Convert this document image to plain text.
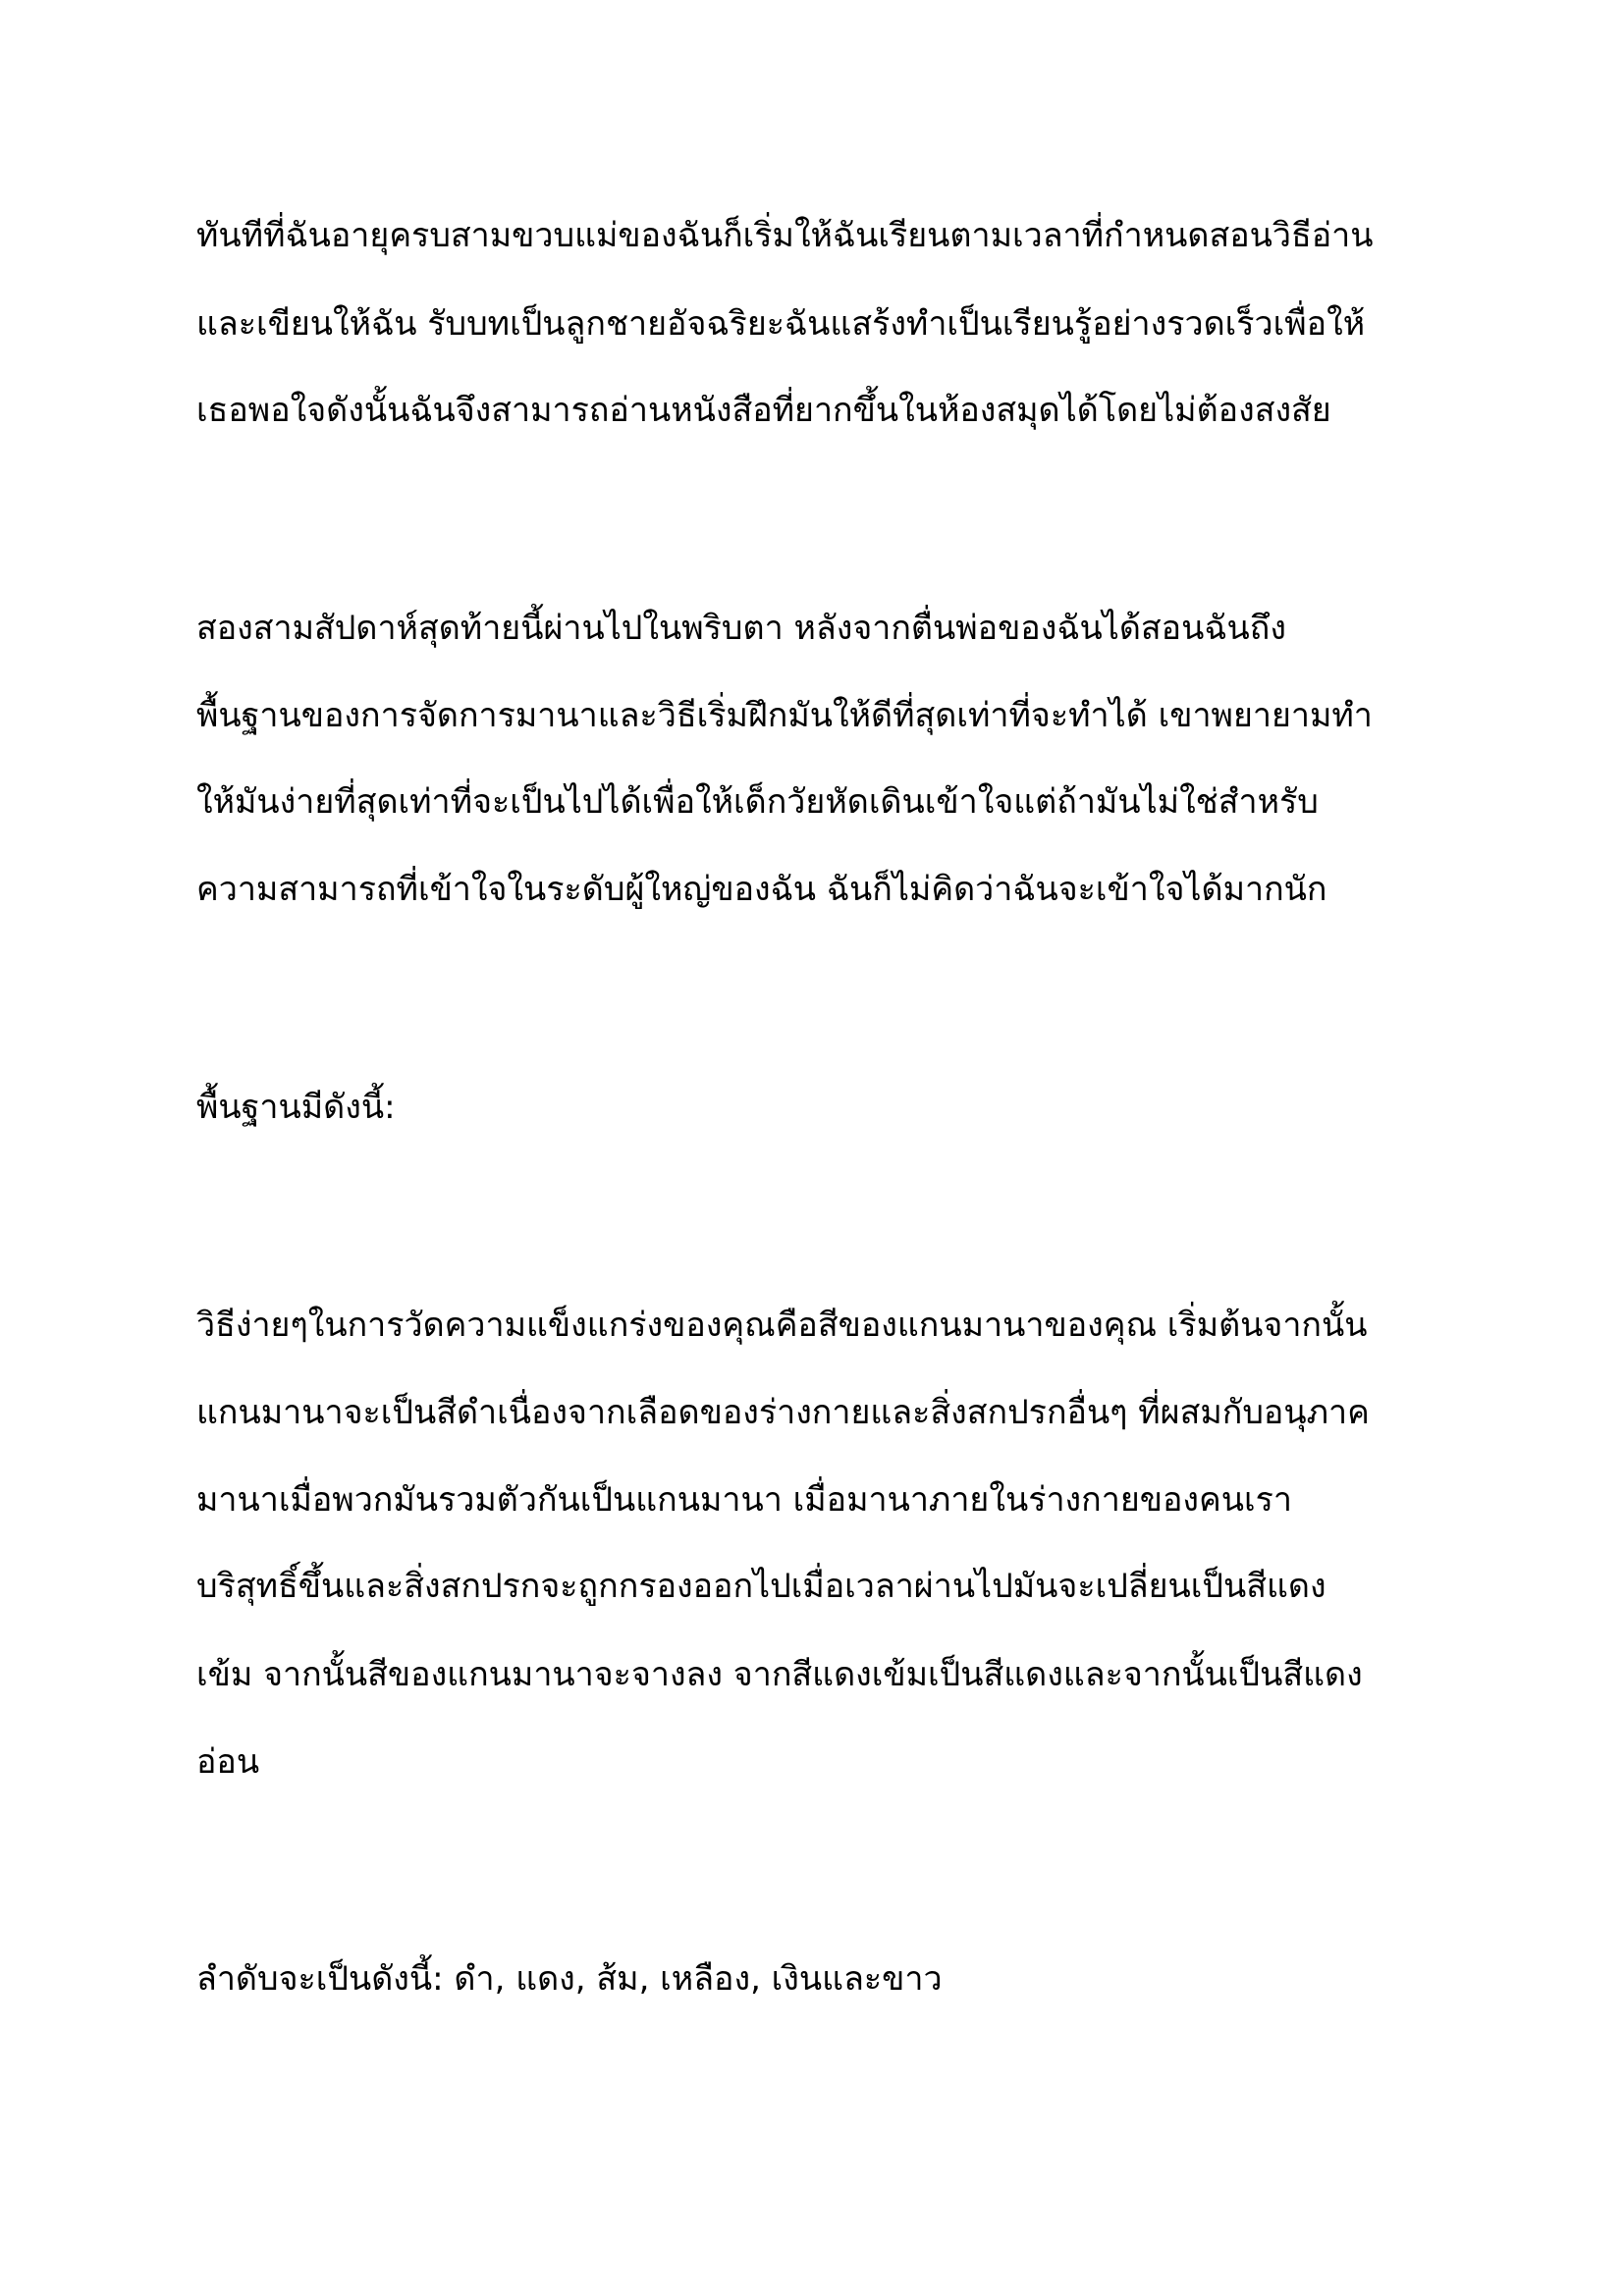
ทันทีที่ฉันอายุครบสามขวบแม่ของฉันก็เริ่มให้ฉันเรียนตามเวลาที่กำหนดสอนวิธีอ่าน
และเขียนให้ฉัน รับบทเป็นลูกชายอัจฉริยะฉันแสร้งทำเป็นเรียนรู้อย่างรวดเร็วเพื่อให้
เธอพอใจดังนั้นฉันจึงสามารถอ่านหนังสือที่ยากขึ้นในห้องสมุดได้โดยไม่ต้องสงสัย
สองสามสัปดาห์สุดท้ายนี้ผ่านไปในพริบตา หลังจากตื่นพ่อของฉันได้สอนฉันถึง
พื้นฐานของการจัดการมานาและวิธีเริ่มฝึกมันให้ดีที่สุดเท่าที่จะทำได้ เขาพยายามทำ
ให้มันง่ายที่สุดเท่าที่จะเป็นไปได้เพื่อให้เด็กวัยหัดเดินเข้าใจแต่ถ้ามันไม่ใช่สำหรับ
ความสามารถที่เข้าใจในระดับผู้ใหญ่ของฉัน ฉันก็ไม่คิดว่าฉันจะเข้าใจได้มากนัก
พื้นฐานมีดังนี้:
วิธีง่ายๆในการวัดความแข็งแกร่งของคุณคือสีของแกนมานาของคุณ เริ่มต้นจากนั้น
แกนมานาจะเป็นสีดำเนื่องจากเลือดของร่างกายและสิ่งสกปรกอื่นๆ ที่ผสมกับอนุภาค
มานาเมื่อพวกมันรวมตัวกันเป็นแกนมานา เมื่อมานาภายในร่างกายของคนเรา
บริสุทธิ์ขึ้นและสิ่งสกปรกจะถูกกรองออกไปเมื่อเวลาผ่านไปมันจะเปลี่ยนเป็นสีแดง
เข้ม จากนั้นสีของแกนมานาจะจางลง จากสีแดงเข้มเป็นสีแดงและจากนั้นเป็นสีแดง
อ่อน
ลำดับจะเป็นดังนี้: ดำ, แดง, ส้ม, เหลือง, เงินและขาว
